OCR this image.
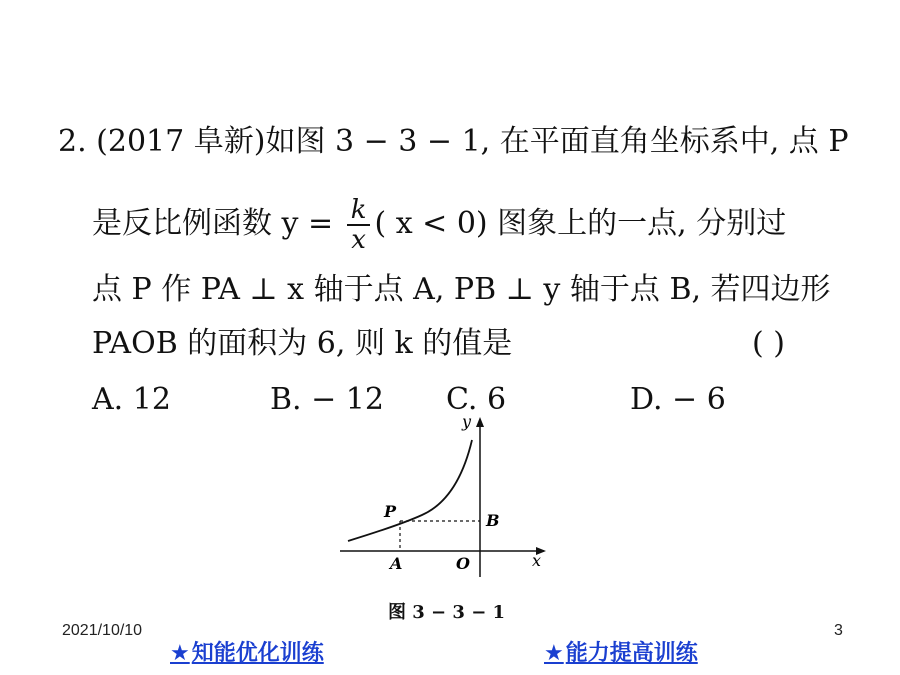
2. (2017 阜新)如图 3 − 3 − 1, 在平面直角坐标系中, 点 P
是反比例函数 $y = \frac{k}{x}$ ( x < 0) 图象上的一点, 分别过
点 P 作 PA ⊥ x 轴于点 A, PB ⊥ y 轴于点 B, 若四边形
PAOB 的面积为 6, 则 k 的值是	( )
A. 12	B. − 12 C. 6	D. − 6
y
x
P	B
A	O
图 3 − 3 − 1
2021/10/10	3
★知能优化训练	★能力提高训练
